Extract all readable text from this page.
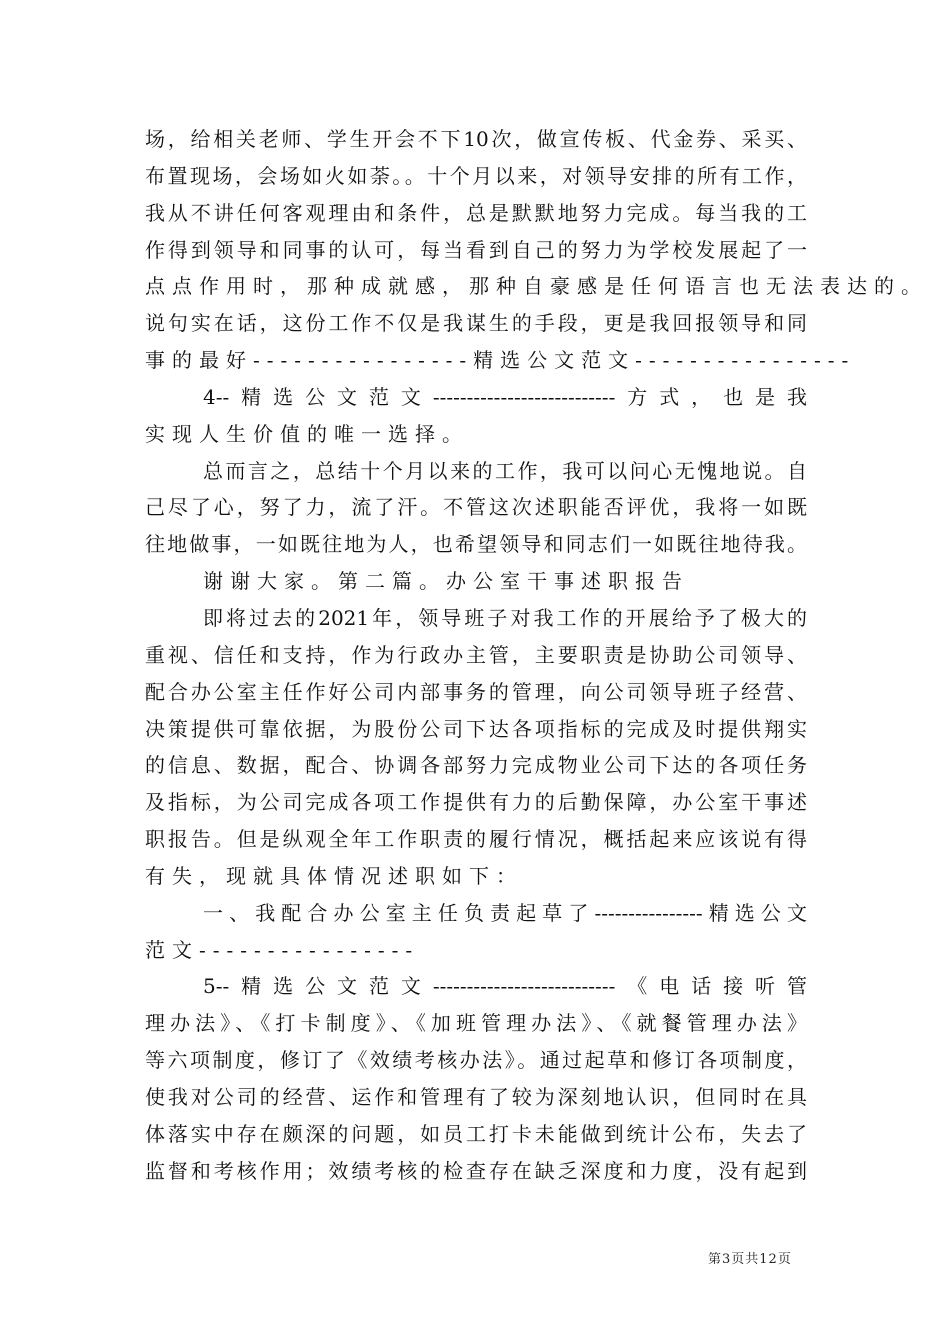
场，给相关老师、学生开会不下10次，做宣传板、代金券、采买、
布置现场，会场如火如荼。。十个月以来，对领导安排的所有工作，
我从不讲任何客观理由和条件，总是默默地努力完成。每当我的工
作得到领导和同事的认可，每当看到自己的努力为学校发展起了一
点点作用时，那种成就感，那种自豪感是任何语言也无法表达的。
说句实在话，这份工作不仅是我谋生的手段，更是我回报领导和同
事的最好----------------精选公文范文----------------
4--精选公文范文---------------------------方式，也是我
实现人生价值的唯一选择。
总而言之，总结十个月以来的工作，我可以问心无愧地说。自
己尽了心，努了力，流了汗。不管这次述职能否评优，我将一如既
往地做事，一如既往地为人，也希望领导和同志们一如既往地待我。
谢谢大家。第二篇。办公室干事述职报告
即将过去的2021年，领导班子对我工作的开展给予了极大的
重视、信任和支持，作为行政办主管，主要职责是协助公司领导、
配合办公室主任作好公司内部事务的管理，向公司领导班子经营、
决策提供可靠依据，为股份公司下达各项指标的完成及时提供翔实
的信息、数据，配合、协调各部努力完成物业公司下达的各项任务
及指标，为公司完成各项工作提供有力的后勤保障，办公室干事述
职报告。但是纵观全年工作职责的履行情况，概括起来应该说有得
有失，现就具体情况述职如下：
一、我配合办公室主任负责起草了----------------精选公文
范文----------------
5--精选公文范文---------------------------《电话接听管
理办法》、《打卡制度》、《加班管理办法》、《就餐管理办法》
等六项制度，修订了《效绩考核办法》。通过起草和修订各项制度，
使我对公司的经营、运作和管理有了较为深刻地认识，但同时在具
体落实中存在颇深的问题，如员工打卡未能做到统计公布，失去了
监督和考核作用；效绩考核的检查存在缺乏深度和力度，没有起到
第3页共12页
